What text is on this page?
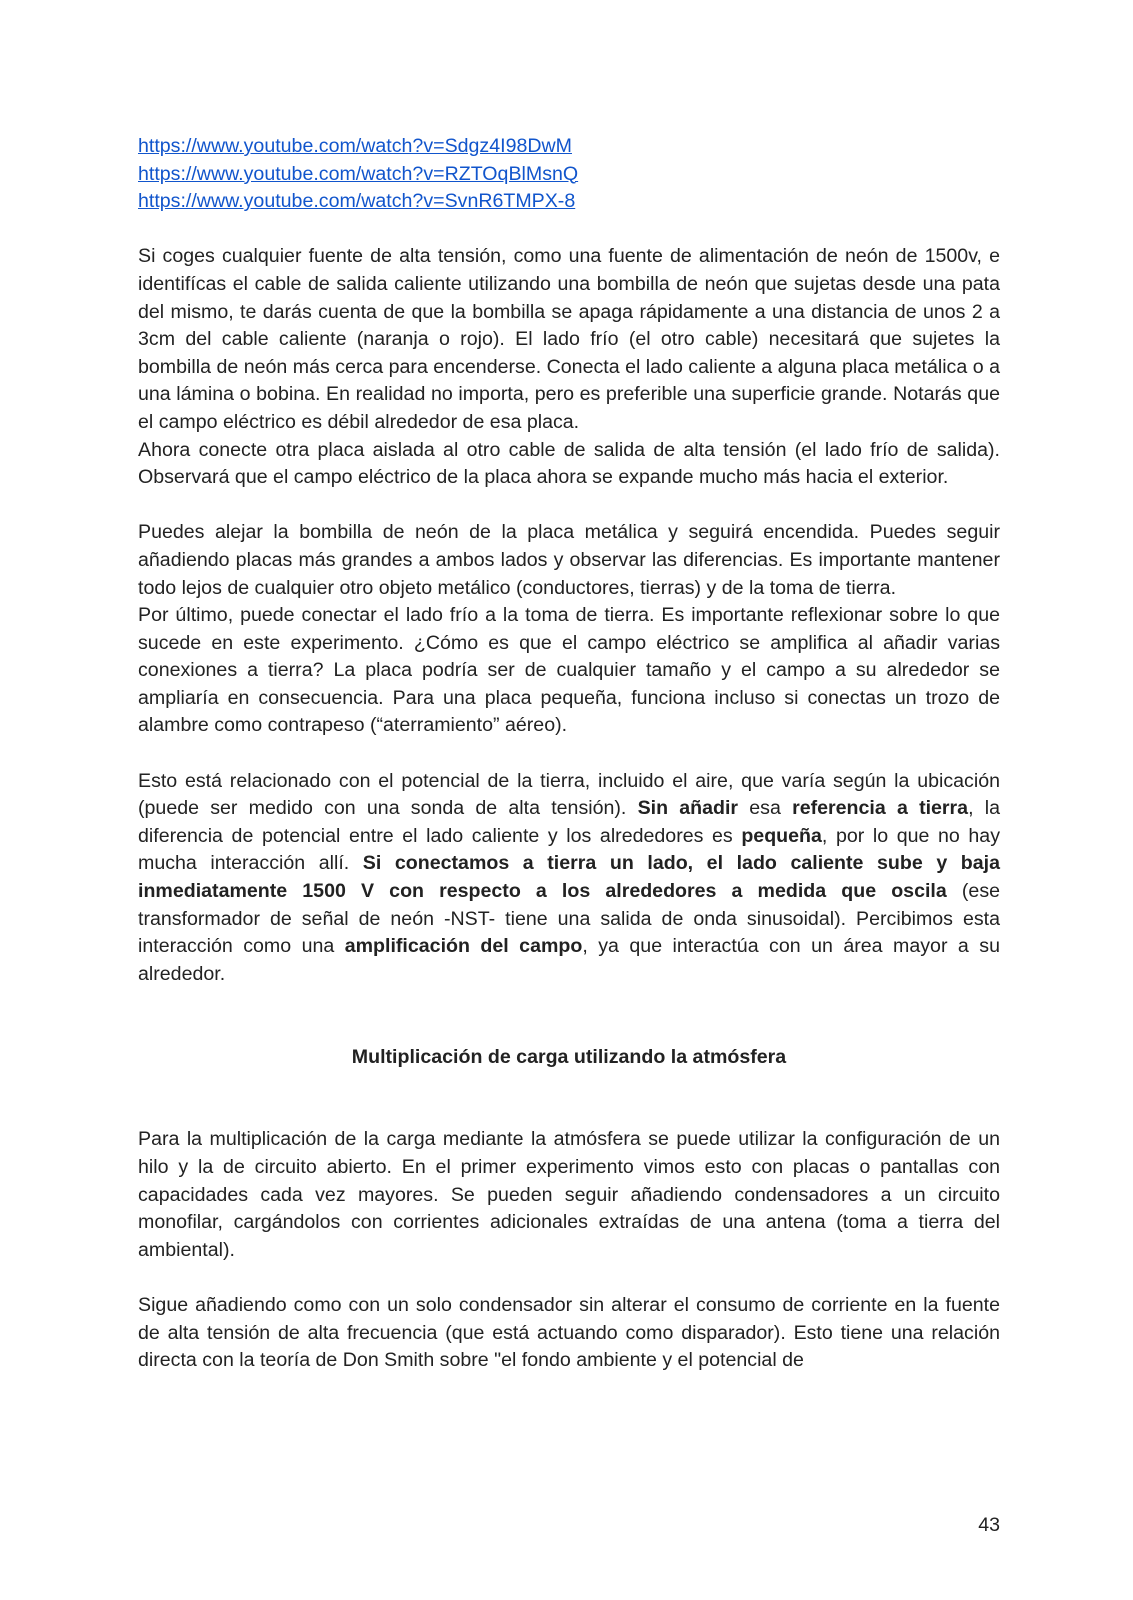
https://www.youtube.com/watch?v=Sdgz4I98DwM
https://www.youtube.com/watch?v=RZTOqBlMsnQ
https://www.youtube.com/watch?v=SvnR6TMPX-8

Si coges cualquier fuente de alta tensión, como una fuente de alimentación de neón de 1500v, e identifícas el cable de salida caliente utilizando una bombilla de neón que sujetas desde una pata del mismo, te darás cuenta de que la bombilla se apaga rápidamente a una distancia de unos 2 a 3cm del cable caliente (naranja o rojo). El lado frío (el otro cable) necesitará que sujetes la bombilla de neón más cerca para encenderse. Conecta el lado caliente a alguna placa metálica o a una lámina o bobina. En realidad no importa, pero es preferible una superficie grande. Notarás que el campo eléctrico es débil alrededor de esa placa.

Ahora conecte otra placa aislada al otro cable de salida de alta tensión (el lado frío de salida). Observará que el campo eléctrico de la placa ahora se expande mucho más hacia el exterior.

Puedes alejar la bombilla de neón de la placa metálica y seguirá encendida. Puedes seguir añadiendo placas más grandes a ambos lados y observar las diferencias. Es importante mantener todo lejos de cualquier otro objeto metálico (conductores, tierras) y de la toma de tierra.

Por último, puede conectar el lado frío a la toma de tierra. Es importante reflexionar sobre lo que sucede en este experimento. ¿Cómo es que el campo eléctrico se amplifica al añadir varias conexiones a tierra? La placa podría ser de cualquier tamaño y el campo a su alrededor se ampliaría en consecuencia. Para una placa pequeña, funciona incluso si conectas un trozo de alambre como contrapeso (“aterramiento” aéreo).

Esto está relacionado con el potencial de la tierra, incluido el aire, que varía según la ubicación (puede ser medido con una sonda de alta tensión). Sin añadir esa referencia a tierra, la diferencia de potencial entre el lado caliente y los alrededores es pequeña, por lo que no hay mucha interacción allí. Si conectamos a tierra un lado, el lado caliente sube y baja inmediatamente 1500 V con respecto a los alrededores a medida que oscila (ese transformador de señal de neón -NST- tiene una salida de onda sinusoidal). Percibimos esta interacción como una amplificación del campo, ya que interactúa con un área mayor a su alrededor.

Multiplicación de carga utilizando la atmósfera

Para la multiplicación de la carga mediante la atmósfera se puede utilizar la configuración de un hilo y la de circuito abierto. En el primer experimento vimos esto con placas o pantallas con capacidades cada vez mayores. Se pueden seguir añadiendo condensadores a un circuito monofilar, cargándolos con corrientes adicionales extraídas de una antena (toma a tierra del ambiental).

Sigue añadiendo como con un solo condensador sin alterar el consumo de corriente en la fuente de alta tensión de alta frecuencia (que está actuando como disparador). Esto tiene una relación directa con la teoría de Don Smith sobre "el fondo ambiente y el potencial de

43
